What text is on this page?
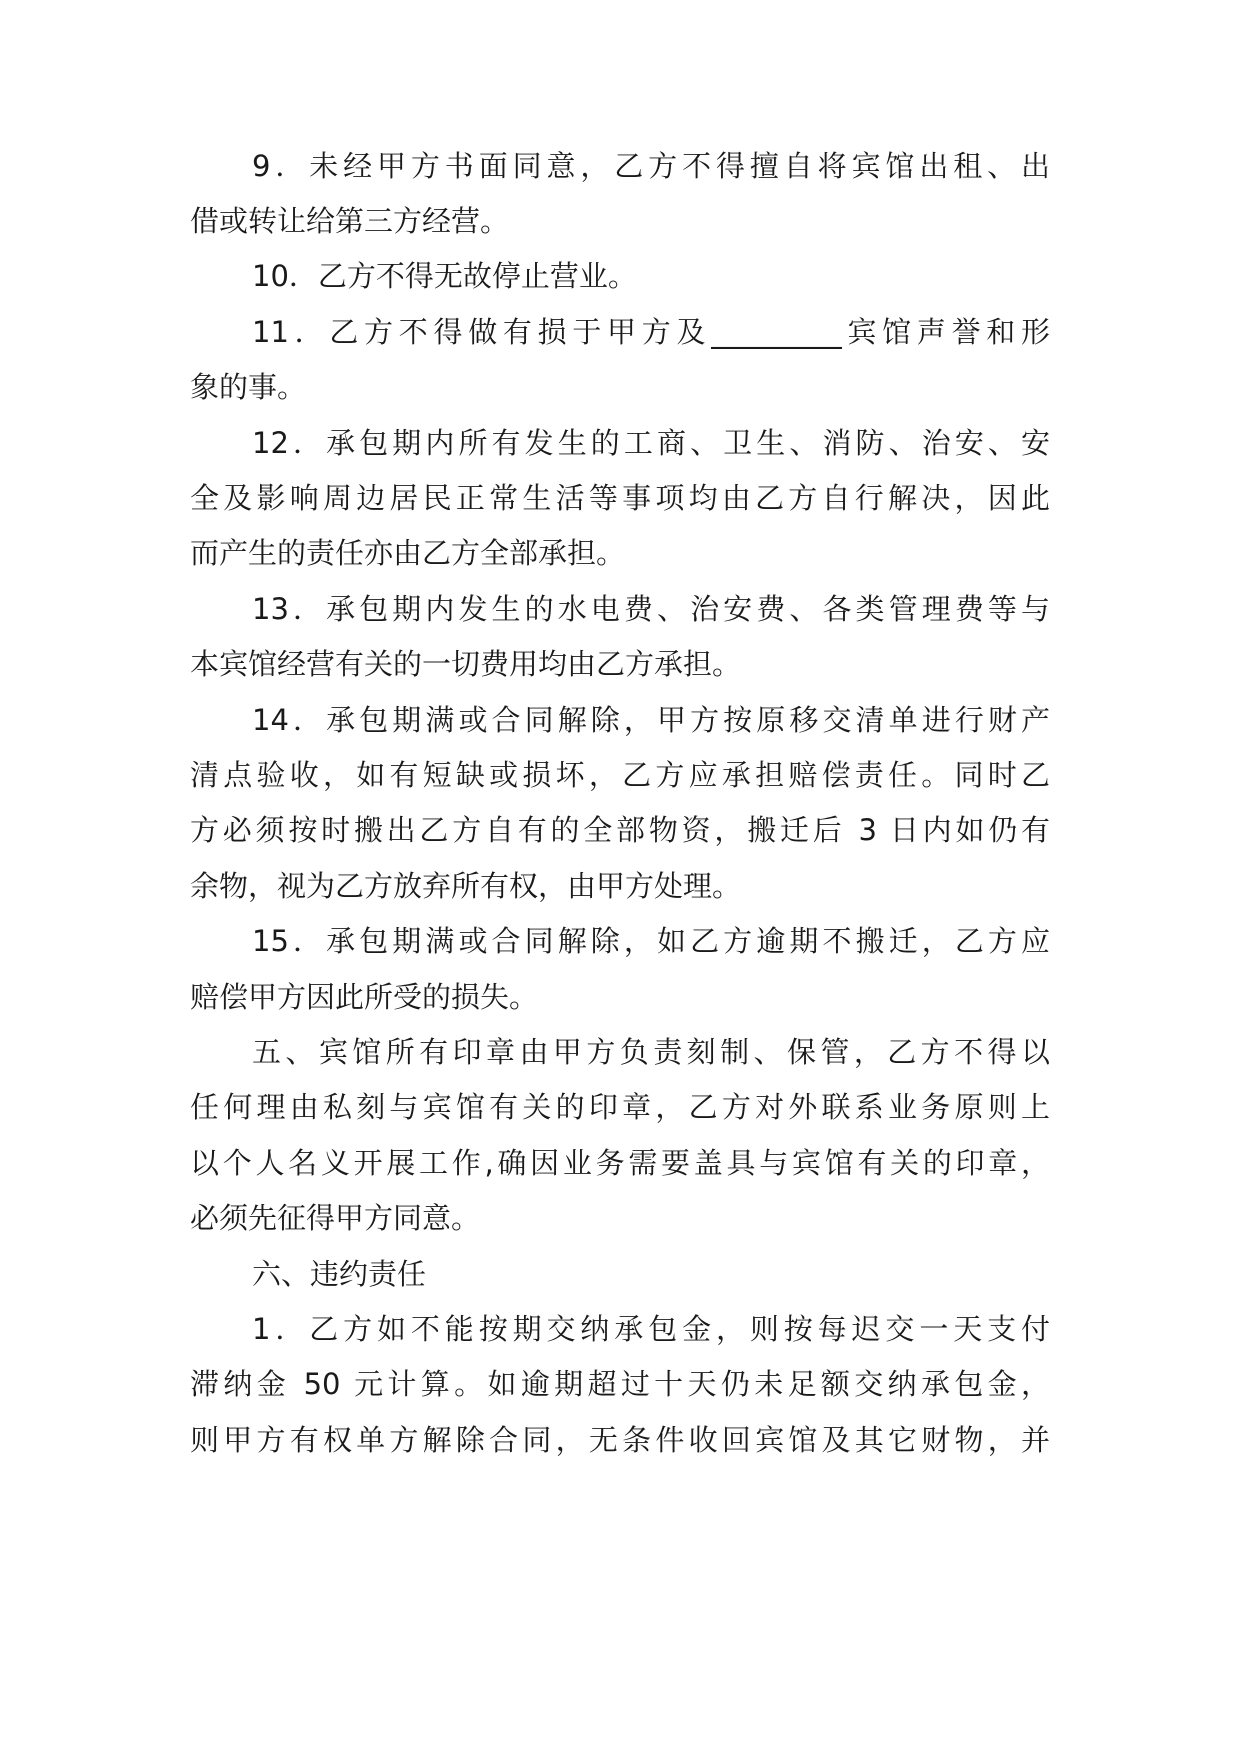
9．未经甲方书面同意，乙方不得擅自将宾馆出租、出
借或转让给第三方经营。
10．乙方不得无故停止营业。
11．乙方不得做有损于甲方及_________宾馆声誉和形
象的事。
12．承包期内所有发生的工商、卫生、消防、治安、安
全及影响周边居民正常生活等事项均由乙方自行解决，因此
而产生的责任亦由乙方全部承担。
13．承包期内发生的水电费、治安费、各类管理费等与
本宾馆经营有关的一切费用均由乙方承担。
14．承包期满或合同解除，甲方按原移交清单进行财产
清点验收，如有短缺或损坏，乙方应承担赔偿责任。同时乙
方必须按时搬出乙方自有的全部物资，搬迁后 3 日内如仍有
余物，视为乙方放弃所有权，由甲方处理。
15．承包期满或合同解除，如乙方逾期不搬迁，乙方应
赔偿甲方因此所受的损失。
五、宾馆所有印章由甲方负责刻制、保管，乙方不得以
任何理由私刻与宾馆有关的印章，乙方对外联系业务原则上
以个人名义开展工作,确因业务需要盖具与宾馆有关的印章，
必须先征得甲方同意。
六、违约责任
1．乙方如不能按期交纳承包金，则按每迟交一天支付
滞纳金 50 元计算。如逾期超过十天仍未足额交纳承包金，
则甲方有权单方解除合同，无条件收回宾馆及其它财物，并
